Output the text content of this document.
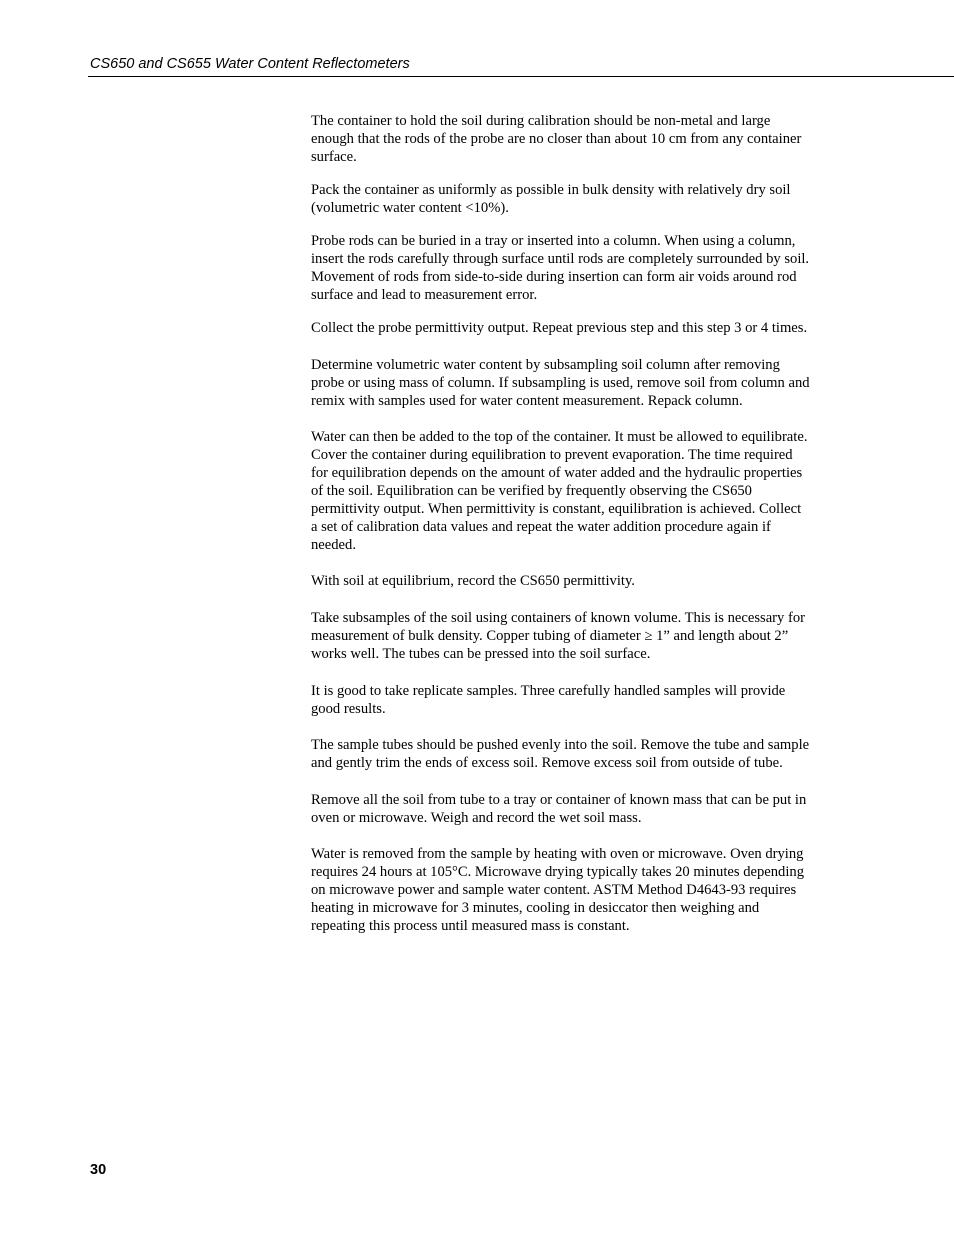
CS650 and CS655 Water Content Reflectometers

The container to hold the soil during calibration should be non-metal and large enough that the rods of the probe are no closer than about 10 cm from any container surface.

Pack the container as uniformly as possible in bulk density with relatively dry soil (volumetric water content <10%).

Probe rods can be buried in a tray or inserted into a column. When using a column, insert the rods carefully through surface until rods are completely surrounded by soil. Movement of rods from side-to-side during insertion can form air voids around rod surface and lead to measurement error.

Collect the probe permittivity output. Repeat previous step and this step 3 or 4 times.

Determine volumetric water content by subsampling soil column after removing probe or using mass of column. If subsampling is used, remove soil from column and remix with samples used for water content measurement. Repack column.

Water can then be added to the top of the container. It must be allowed to equilibrate. Cover the container during equilibration to prevent evaporation. The time required for equilibration depends on the amount of water added and the hydraulic properties of the soil. Equilibration can be verified by frequently observing the CS650 permittivity output. When permittivity is constant, equilibration is achieved. Collect a set of calibration data values and repeat the water addition procedure again if needed.

With soil at equilibrium, record the CS650 permittivity.

Take subsamples of the soil using containers of known volume. This is necessary for measurement of bulk density. Copper tubing of diameter ≥ 1” and length about 2” works well. The tubes can be pressed into the soil surface.

It is good to take replicate samples. Three carefully handled samples will provide good results.

The sample tubes should be pushed evenly into the soil. Remove the tube and sample and gently trim the ends of excess soil. Remove excess soil from outside of tube.

Remove all the soil from tube to a tray or container of known mass that can be put in oven or microwave. Weigh and record the wet soil mass.

Water is removed from the sample by heating with oven or microwave. Oven drying requires 24 hours at 105°C. Microwave drying typically takes 20 minutes depending on microwave power and sample water content. ASTM Method D4643-93 requires heating in microwave for 3 minutes, cooling in desiccator then weighing and repeating this process until measured mass is constant.

30
